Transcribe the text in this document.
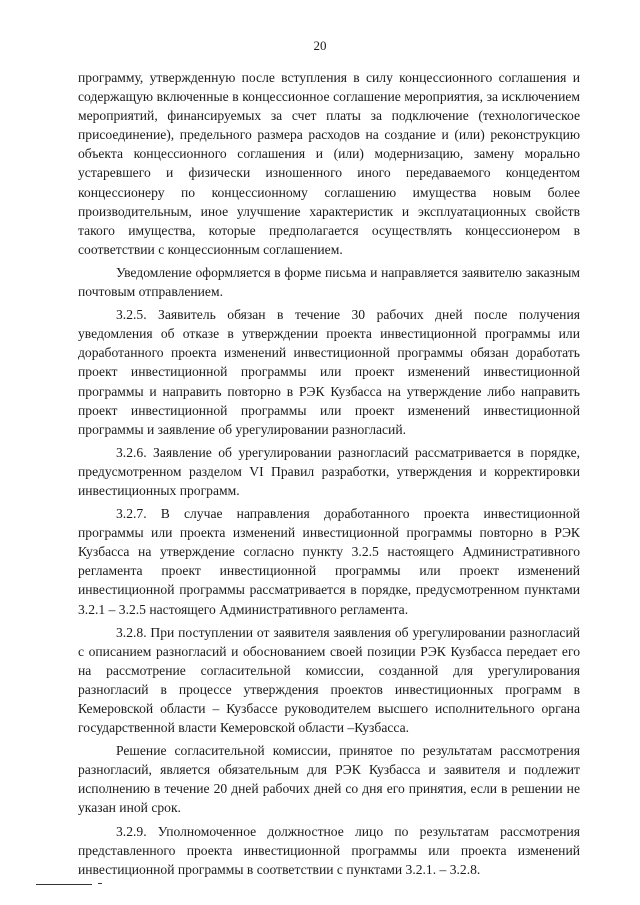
20

программу, утвержденную после вступления в силу концессионного соглашения и содержащую включенные в концессионное соглашение мероприятия, за исключением мероприятий, финансируемых за счет платы за подключение (технологическое присоединение), предельного размера расходов на создание и (или) реконструкцию объекта концессионного соглашения и (или) модернизацию, замену морально устаревшего и физически изношенного иного передаваемого концедентом концессионеру по концессионному соглашению имущества новым более производительным, иное улучшение характеристик и эксплуатационных свойств такого имущества, которые предполагается осуществлять концессионером в соответствии с концессионным соглашением.

Уведомление оформляется в форме письма и направляется заявителю заказным почтовым отправлением.

3.2.5. Заявитель обязан в течение 30 рабочих дней после получения уведомления об отказе в утверждении проекта инвестиционной программы или доработанного проекта изменений инвестиционной программы обязан доработать проект инвестиционной программы или проект изменений инвестиционной программы и направить повторно в РЭК Кузбасса на утверждение либо направить проект инвестиционной программы или проект изменений инвестиционной программы и заявление об урегулировании разногласий.

3.2.6. Заявление об урегулировании разногласий рассматривается в порядке, предусмотренном разделом VI Правил разработки, утверждения и корректировки инвестиционных программ.

3.2.7. В случае направления доработанного проекта инвестиционной программы или проекта изменений инвестиционной программы повторно в РЭК Кузбасса на утверждение согласно пункту 3.2.5 настоящего Административного регламента проект инвестиционной программы или проект изменений инвестиционной программы рассматривается в порядке, предусмотренном пунктами 3.2.1 – 3.2.5 настоящего Административного регламента.

3.2.8. При поступлении от заявителя заявления об урегулировании разногласий с описанием разногласий и обоснованием своей позиции РЭК Кузбасса передает его на рассмотрение согласительной комиссии, созданной для урегулирования разногласий в процессе утверждения проектов инвестиционных программ в Кемеровской области – Кузбассе руководителем высшего исполнительного органа государственной власти Кемеровской области –Кузбасса.

Решение согласительной комиссии, принятое по результатам рассмотрения разногласий, является обязательным для РЭК Кузбасса и заявителя и подлежит исполнению в течение 20 дней рабочих дней со дня его принятия, если в решении не указан иной срок.

3.2.9. Уполномоченное должностное лицо по результатам рассмотрения представленного проекта инвестиционной программы или проекта изменений инвестиционной программы в соответствии с пунктами 3.2.1. – 3.2.8.
